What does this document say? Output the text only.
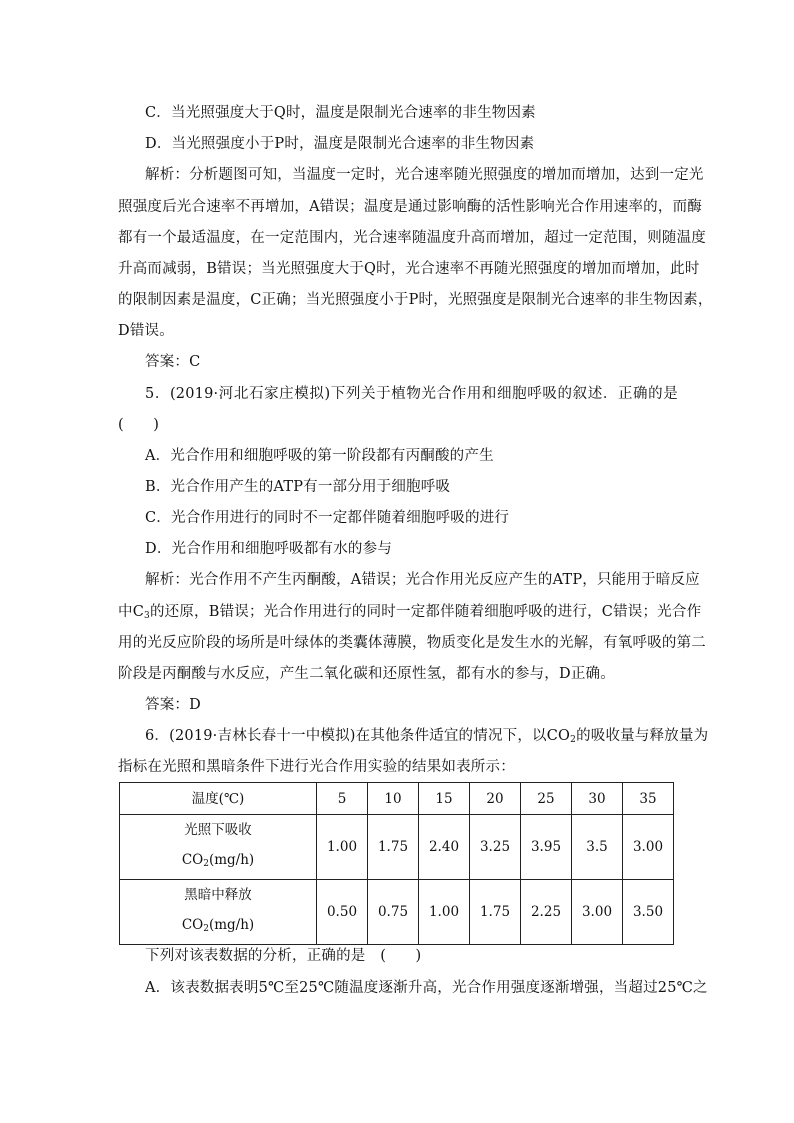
C．当光照强度大于Q时，温度是限制光合速率的非生物因素
D．当光照强度小于P时，温度是限制光合速率的非生物因素
解析：分析题图可知，当温度一定时，光合速率随光照强度的增加而增加，达到一定光
照强度后光合速率不再增加，A错误；温度是通过影响酶的活性影响光合作用速率的，而酶
都有一个最适温度，在一定范围内，光合速率随温度升高而增加，超过一定范围，则随温度
升高而减弱，B错误；当光照强度大于Q时，光合速率不再随光照强度的增加而增加，此时
的限制因素是温度，C正确；当光照强度小于P时，光照强度是限制光合速率的非生物因素，
D错误。
答案：C
5．(2019·河北石家庄模拟)下列关于植物光合作用和细胞呼吸的叙述．正确的是
(　　)
A．光合作用和细胞呼吸的第一阶段都有丙酮酸的产生
B．光合作用产生的ATP有一部分用于细胞呼吸
C．光合作用进行的同时不一定都伴随着细胞呼吸的进行
D．光合作用和细胞呼吸都有水的参与
解析：光合作用不产生丙酮酸，A错误；光合作用光反应产生的ATP，只能用于暗反应
中$C_3$的还原，B错误；光合作用进行的同时一定都伴随着细胞呼吸的进行，C错误；光合作
用的光反应阶段的场所是叶绿体的类囊体薄膜，物质变化是发生水的光解，有氧呼吸的第二
阶段是丙酮酸与水反应，产生二氧化碳和还原性氢，都有水的参与，D正确。
答案：D
6．(2019·吉林长春十一中模拟)在其他条件适宜的情况下，以$CO_2$的吸收量与释放量为
指标在光照和黑暗条件下进行光合作用实验的结果如表所示：
温度(℃)	5	10	15	20	25	30	35

光照下吸收
$CO_2(mg/h)$	1.00	1.75	2.40	3.25	3.95	3.5	3.00

黑暗中释放
$CO_2(mg/h)$	0.50	0.75	1.00	1.75	2.25	3.00	3.50
下列对该表数据的分析，正确的是　(　　)
A．该表数据表明5℃至25℃随温度逐渐升高，光合作用强度逐渐增强，当超过25℃之
